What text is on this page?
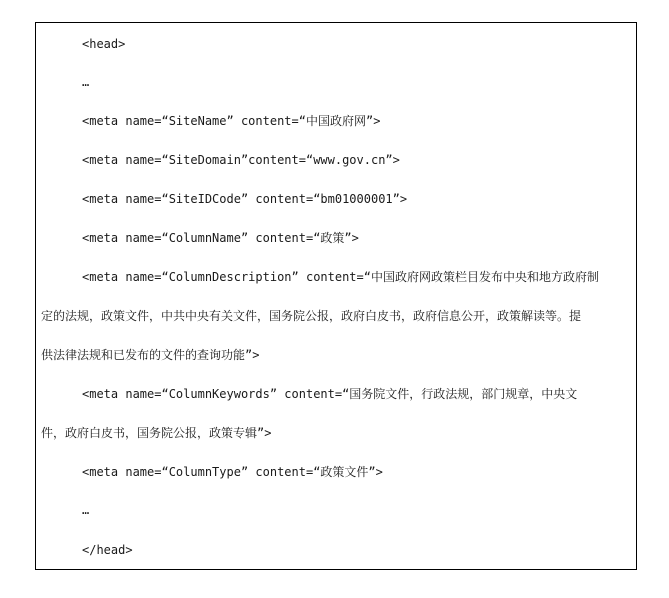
<head>
…
<meta name=“SiteName” content=“中国政府网”>
<meta name=“SiteDomain”content=“www.gov.cn”>
<meta name=“SiteIDCode” content=“bm01000001”>
<meta name=“ColumnName” content=“政策”>
<meta name=“ColumnDescription” content=“中国政府网政策栏目发布中央和地方政府制
定的法规，政策文件，中共中央有关文件，国务院公报，政府白皮书，政府信息公开，政策解读等。提
供法律法规和已发布的文件的查询功能”>
<meta name=“ColumnKeywords” content=“国务院文件，行政法规，部门规章，中央文
件，政府白皮书，国务院公报，政策专辑”>
<meta name=“ColumnType” content=“政策文件”>
…
</head>
